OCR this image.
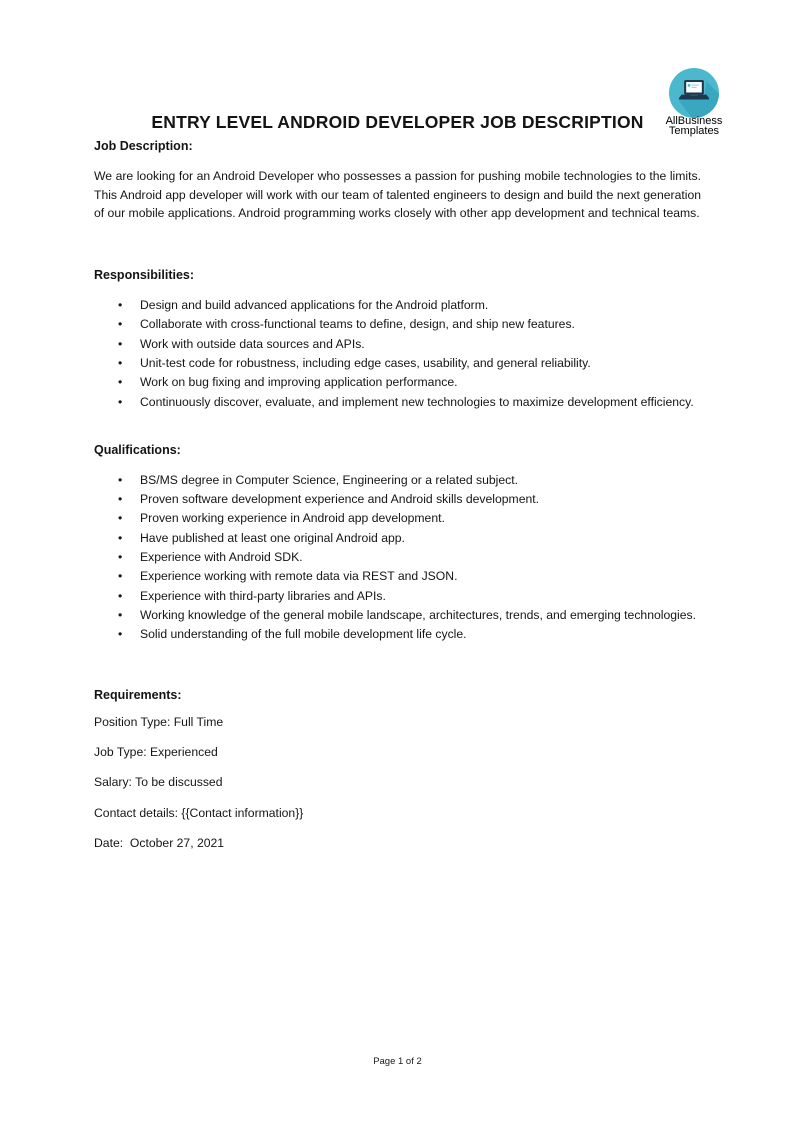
AllBusiness
Templates
ENTRY LEVEL ANDROID DEVELOPER JOB DESCRIPTION
Job Description:

We are looking for an Android Developer who possesses a passion for pushing mobile technologies to the limits. This Android app developer will work with our team of talented engineers to design and build the next generation of our mobile applications. Android programming works closely with other app development and technical teams.

Responsibilities:
• Design and build advanced applications for the Android platform.
• Collaborate with cross-functional teams to define, design, and ship new features.
• Work with outside data sources and APIs.
• Unit-test code for robustness, including edge cases, usability, and general reliability.
• Work on bug fixing and improving application performance.
• Continuously discover, evaluate, and implement new technologies to maximize development efficiency.
Qualifications:
• BS/MS degree in Computer Science, Engineering or a related subject.
• Proven software development experience and Android skills development.
• Proven working experience in Android app development.
• Have published at least one original Android app.
• Experience with Android SDK.
• Experience working with remote data via REST and JSON.
• Experience with third-party libraries and APIs.
• Working knowledge of the general mobile landscape, architectures, trends, and emerging technologies.
• Solid understanding of the full mobile development life cycle.
Requirements:

Position Type: Full Time

Job Type: Experienced

Salary: To be discussed

Contact details: {{Contact information}}

Date:  October 27, 2021

Page 1 of 2
